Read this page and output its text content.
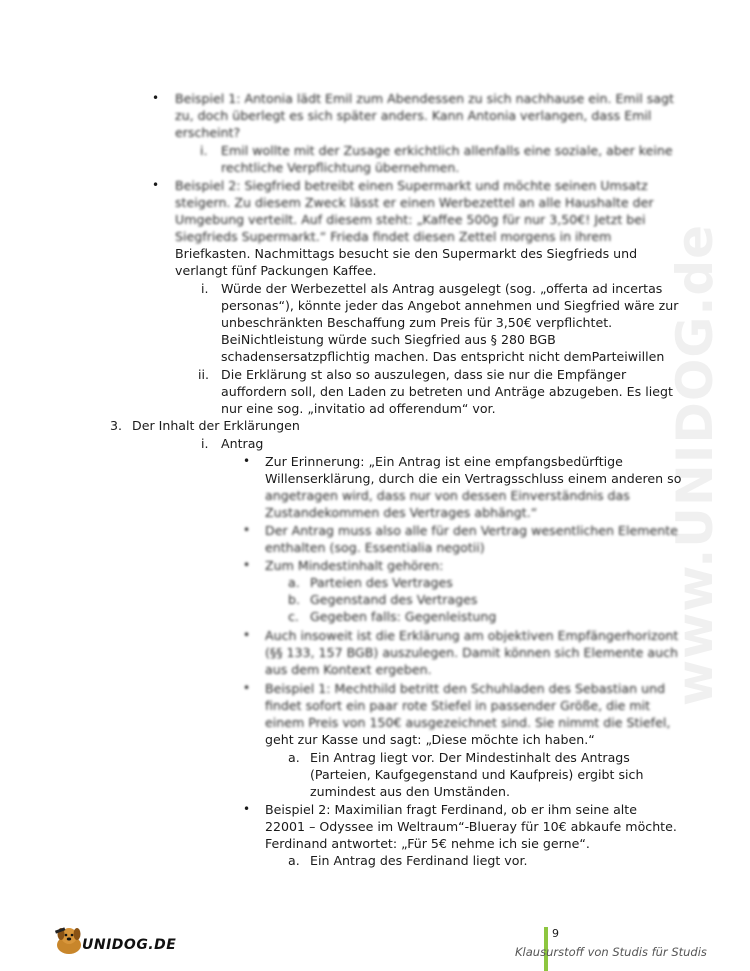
www.UNIDOG.de
• Beispiel 1: Antonia lädt Emil zum Abendessen zu sich nachhause ein. Emil sagt
zu, doch überlegt es sich später anders. Kann Antonia verlangen, dass Emil
erscheint?
i. Emil wollte mit der Zusage erkichtlich allenfalls eine soziale, aber keine
rechtliche Verpflichtung übernehmen.
• Beispiel 2: Siegfried betreibt einen Supermarkt und möchte seinen Umsatz
steigern. Zu diesem Zweck lässt er einen Werbezettel an alle Haushalte der
Umgebung verteilt. Auf diesem steht: „Kaffee 500g für nur 3,50€! Jetzt bei
Siegfrieds Supermarkt.“ Frieda findet diesen Zettel morgens in ihrem
Briefkasten. Nachmittags besucht sie den Supermarkt des Siegfrieds und
verlangt fünf Packungen Kaffee.
i. Würde der Werbezettel als Antrag ausgelegt (sog. „offerta ad incertas
personas“), könnte jeder das Angebot annehmen und Siegfried wäre zur
unbeschränkten Beschaffung zum Preis für 3,50€ verpflichtet.
BeiNichtleistung würde such Siegfried aus § 280 BGB
schadensersatzpflichtig machen. Das entspricht nicht demParteiwillen
ii. Die Erklärung st also so auszulegen, dass sie nur die Empfänger
auffordern soll, den Laden zu betreten und Anträge abzugeben. Es liegt
nur eine sog. „invitatio ad offerendum“ vor.
3. Der Inhalt der Erklärungen
i. Antrag
• Zur Erinnerung: „Ein Antrag ist eine empfangsbedürftige
Willenserklärung, durch die ein Vertragsschluss einem anderen so
angetragen wird, dass nur von dessen Einverständnis das
Zustandekommen des Vertrages abhängt.“
• Der Antrag muss also alle für den Vertrag wesentlichen Elemente
enthalten (sog. Essentialia negotii)
• Zum Mindestinhalt gehören:
a. Parteien des Vertrages
b. Gegenstand des Vertrages
c. Gegeben falls: Gegenleistung
• Auch insoweit ist die Erklärung am objektiven Empfängerhorizont
(§§ 133, 157 BGB) auszulegen. Damit können sich Elemente auch
aus dem Kontext ergeben.
• Beispiel 1: Mechthild betritt den Schuhladen des Sebastian und
findet sofort ein paar rote Stiefel in passender Größe, die mit
einem Preis von 150€ ausgezeichnet sind. Sie nimmt die Stiefel,
geht zur Kasse und sagt: „Diese möchte ich haben.“
a. Ein Antrag liegt vor. Der Mindestinhalt des Antrags
(Parteien, Kaufgegenstand und Kaufpreis) ergibt sich
zumindest aus den Umständen.
• Beispiel 2: Maximilian fragt Ferdinand, ob er ihm seine alte
22001 – Odyssee im Weltraum“-Blueray für 10€ abkaufe möchte.
Ferdinand antwortet: „Für 5€ nehme ich sie gerne“.
a. Ein Antrag des Ferdinand liegt vor.
UNIDOG.DE
9
Klausurstoff von Studis für Studis
